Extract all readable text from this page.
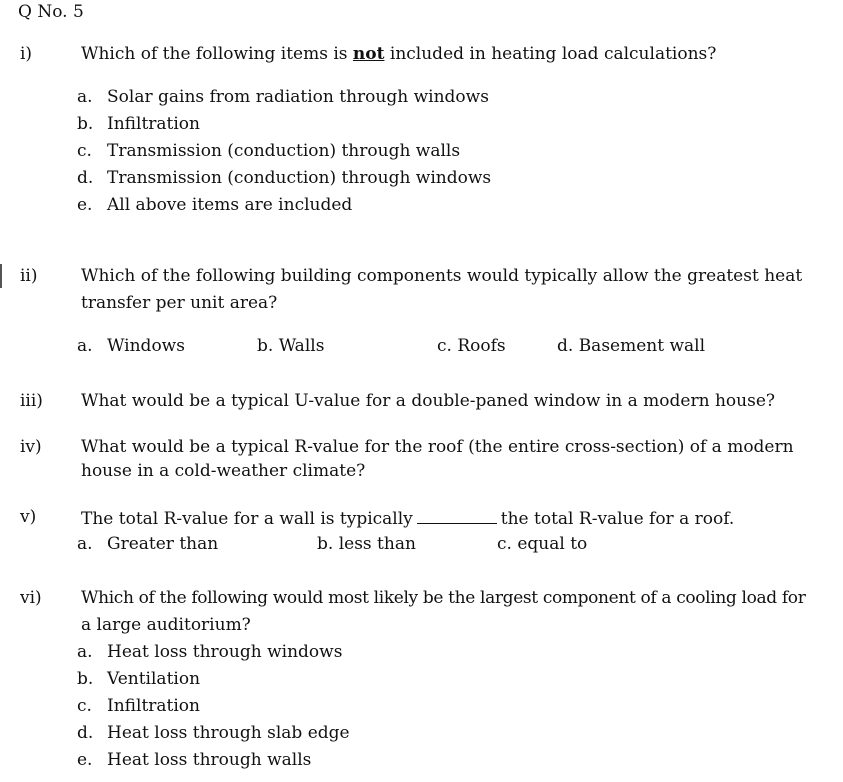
Q No. 5
i)	Which of the following items is not included in heating load calculations?
a. Solar gains from radiation through windows
b. Infiltration
c. Transmission (conduction) through walls
d. Transmission (conduction) through windows
e. All above items are included
ii)	Which of the following building components would typically allow the greatest heat
transfer per unit area?
a. Windows	b. Walls	c. Roofs	d. Basement wall
iii) What would be a typical U-value for a double-paned window in a modern house?
iv) What would be a typical R-value for the roof (the entire cross-section) of a modern
house in a cold-weather climate?
v)	The total R-value for a wall is typically	the total R-value for a roof.
a. Greater than	b. less than	c. equal to
vi) Which of the following would most likely be the largest component of a cooling load for
a large auditorium?
a. Heat loss through windows
b. Ventilation
c. Infiltration
d. Heat loss through slab edge
e. Heat loss through walls
